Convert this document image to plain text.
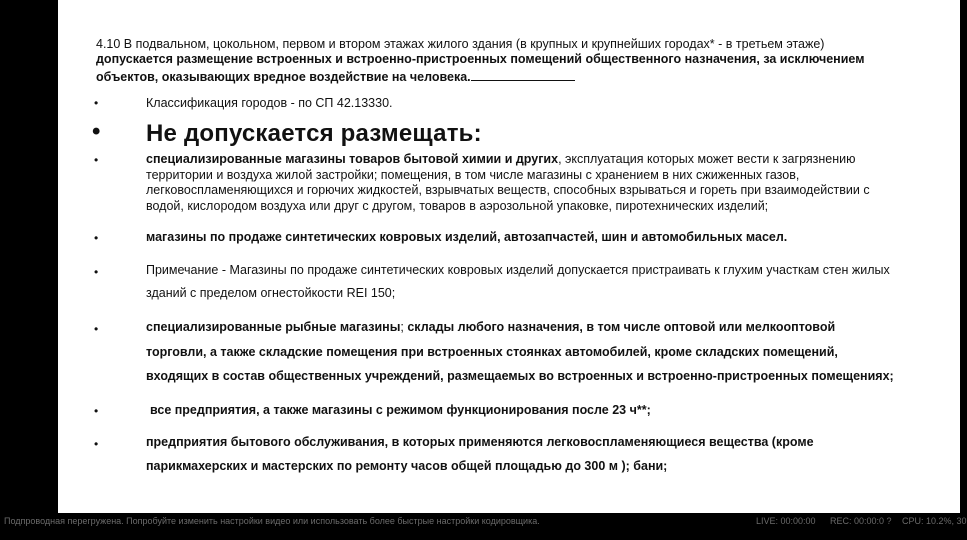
4.10 В подвальном, цокольном, первом и втором этажах жилого здания (в крупных и крупнейших городах* - в третьем этаже)
допускается размещение встроенных и встроенно-пристроенных помещений общественного назначения, за исключением
объектов, оказывающих вредное воздействие на человека.
•	Классификация городов - по СП 42.13330.
• Не допускается размещать:
•	специализированные магазины товаров бытовой химии и других, эксплуатация которых может вести к загрязнению
территории и воздуха жилой застройки; помещения, в том числе магазины с хранением в них сжиженных газов,
легковоспламеняющихся и горючих жидкостей, взрывчатых веществ, способных взрываться и гореть при взаимодействии с
водой, кислородом воздуха или друг с другом, товаров в аэрозольной упаковке, пиротехнических изделий;
•	магазины по продаже синтетических ковровых изделий, автозапчастей, шин и автомобильных масел.
•	Примечание - Магазины по продаже синтетических ковровых изделий допускается пристраивать к глухим участкам стен жилых
зданий с пределом огнестойкости REI 150;
•	специализированные рыбные магазины; склады любого назначения, в том числе оптовой или мелкооптовой
торговли, а также складские помещения при встроенных стоянках автомобилей, кроме складских помещений,
входящих в состав общественных учреждений, размещаемых во встроенных и встроенно-пристроенных помещениях;
•	все предприятия, а также магазины с режимом функционирования после 23 ч**;
•	предприятия бытового обслуживания, в которых применяются легковоспламеняющиеся вещества (кроме
парикмахерских и мастерских по ремонту часов общей площадью до 300 м ); бани;
Подпроводная перегружена. Попробуйте изменить настройки видео или использовать более быстрые настройки кодировщика.	LIVE: 00:00:00 REC: 00:00:0 ? CPU: 10.2%, 30
